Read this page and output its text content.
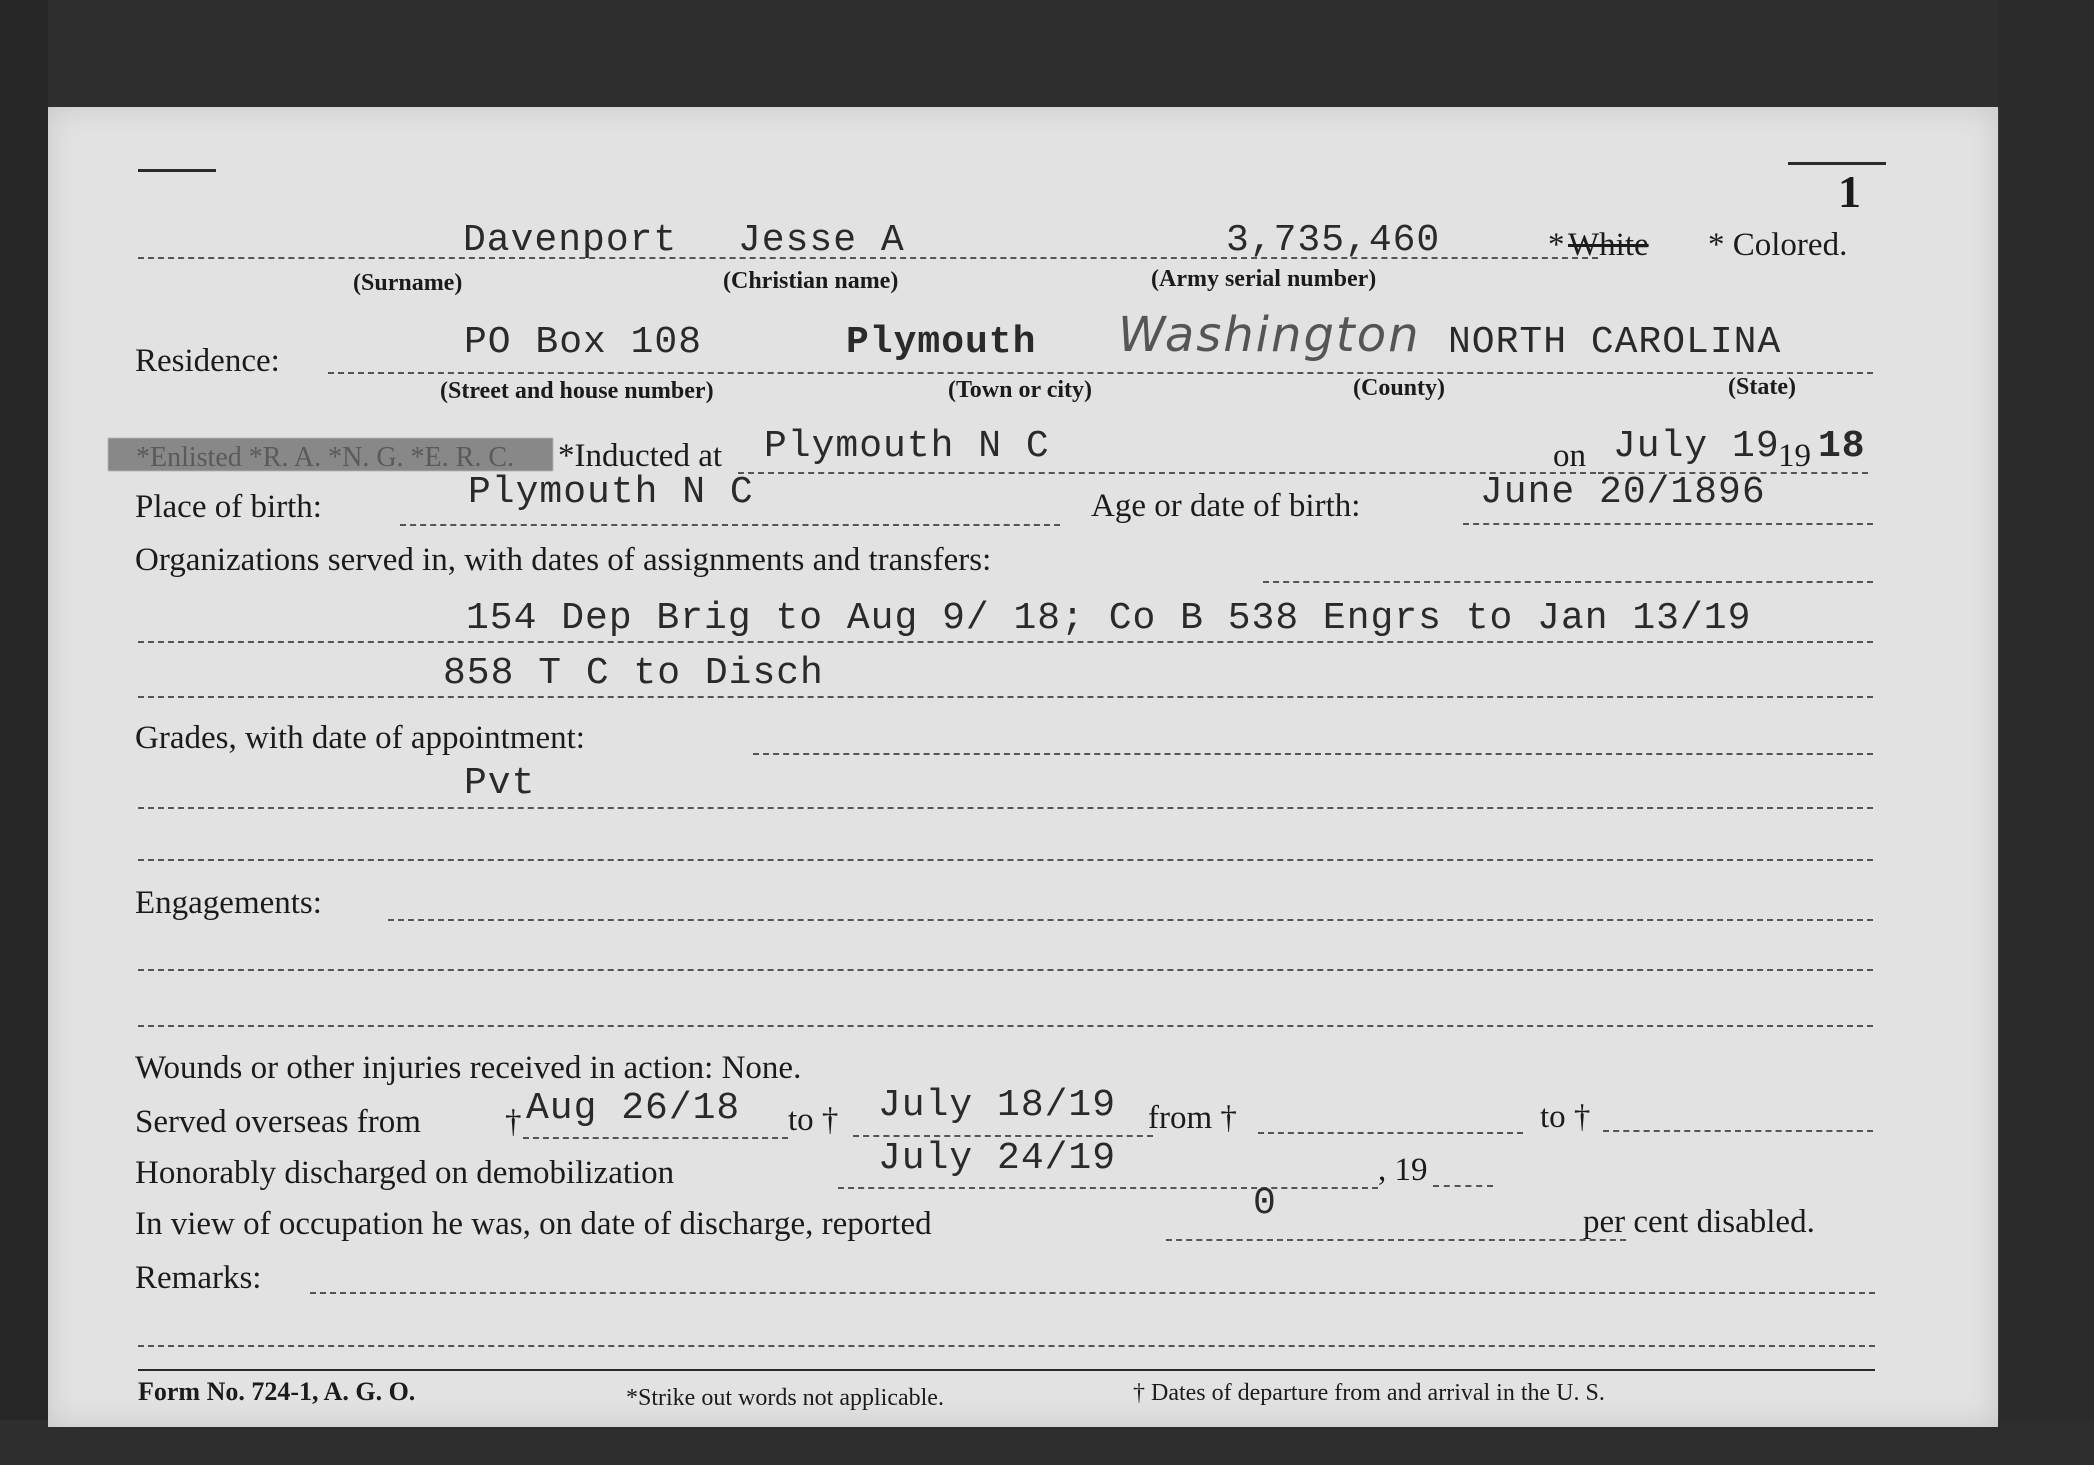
1
Davenport Jesse A	3,735,460	* White * Colored.
(Surname)	(Christian name)	(Army serial number)
Residence:	PO Box 108	Plymouth Washington NORTH CAROLINA
(Street and house number)	(Town or city)	(County)	(State)
*Enlisted *R. A. *N. G. *E. R. C. *Inducted at Plymouth N C	on July 19
19 18
Place of birth:	Plymouth N C	Age or date of birth:	June 20/1896
Organizations served in, with dates of assignments and transfers:
154 Dep Brig to Aug 9/ 18; Co B 538 Engrs to Jan 13/19
858 T C to Disch
Grades, with date of appointment:
Pvt
Engagements:
Wounds or other injuries received in action: None.
Served overseas from	† Aug 26/18 to † July 18/19 from †	to †
Honorably discharged on demobilization	July 24/19	, 19
In view of occupation he was, on date of discharge, reported	0	per cent disabled.
Remarks:
Form No. 724-1, A. G. O.	*Strike out words not applicable.	† Dates of departure from and arrival in the U. S.
